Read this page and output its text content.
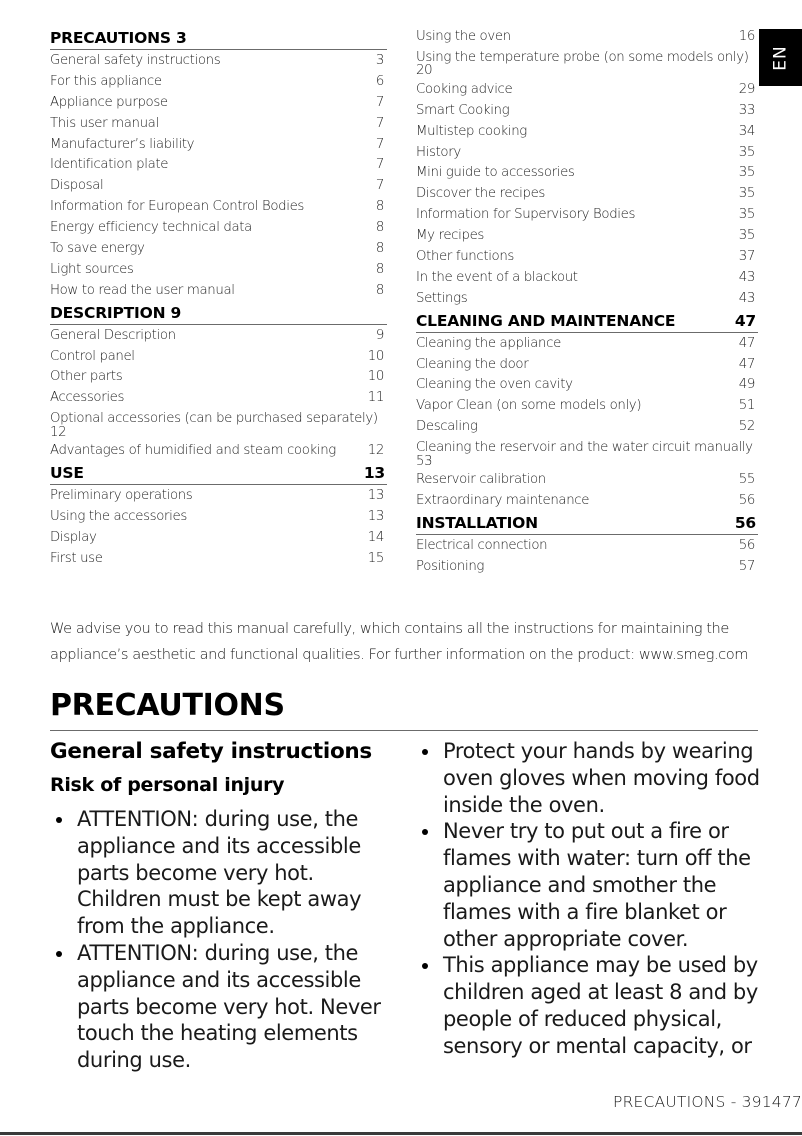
PRECAUTIONS 3
General safety instructions	3
For this appliance	6
Appliance purpose	7
This user manual	7
Manufacturer’s liability	7
Identification plate	7
Disposal	7
Information for European Control Bodies	8
Energy efficiency technical data	8
To save energy	8
Light sources	8
How to read the user manual	8
DESCRIPTION 9
General Description	9
Control panel	10
Other parts	10
Accessories	11
Optional accessories (can be purchased separately)
12
Advantages of humidified and steam cooking 12
USE	13
Preliminary operations	13
Using the accessories	13
Display	14
First use	15
Using the oven	16
Using the temperature probe (on some models only)
20
Cooking advice	29
Smart Cooking	33
Multistep cooking	34
History	35
Mini guide to accessories	35
Discover the recipes	35
Information for Supervisory Bodies	35
My recipes	35
Other functions	37
In the event of a blackout	43
Settings	43
CLEANING AND MAINTENANCE	47
Cleaning the appliance	47
Cleaning the door	47
Cleaning the oven cavity	49
Vapor Clean (on some models only)	51
Descaling	52
Cleaning the reservoir and the water circuit manually
53
Reservoir calibration	55
Extraordinary maintenance	56
INSTALLATION	56
Electrical connection	56
Positioning	57
EN
We advise you to read this manual carefully, which contains all the instructions for maintaining the appliance’s aesthetic and functional qualities. For further information on the product: www.smeg.com
PRECAUTIONS
General safety instructions
Risk of personal injury
ATTENTION: during use, the appliance and its accessible parts become very hot. Children must be kept away from the appliance.
ATTENTION: during use, the appliance and its accessible parts become very hot. Never touch the heating elements during use.
Protect your hands by wearing oven gloves when moving food inside the oven.
Never try to put out a fire or flames with water: turn off the appliance and smother the flames with a fire blanket or other appropriate cover.
This appliance may be used by children aged at least 8 and by people of reduced physical, sensory or mental capacity, or
PRECAUTIONS - 391477
